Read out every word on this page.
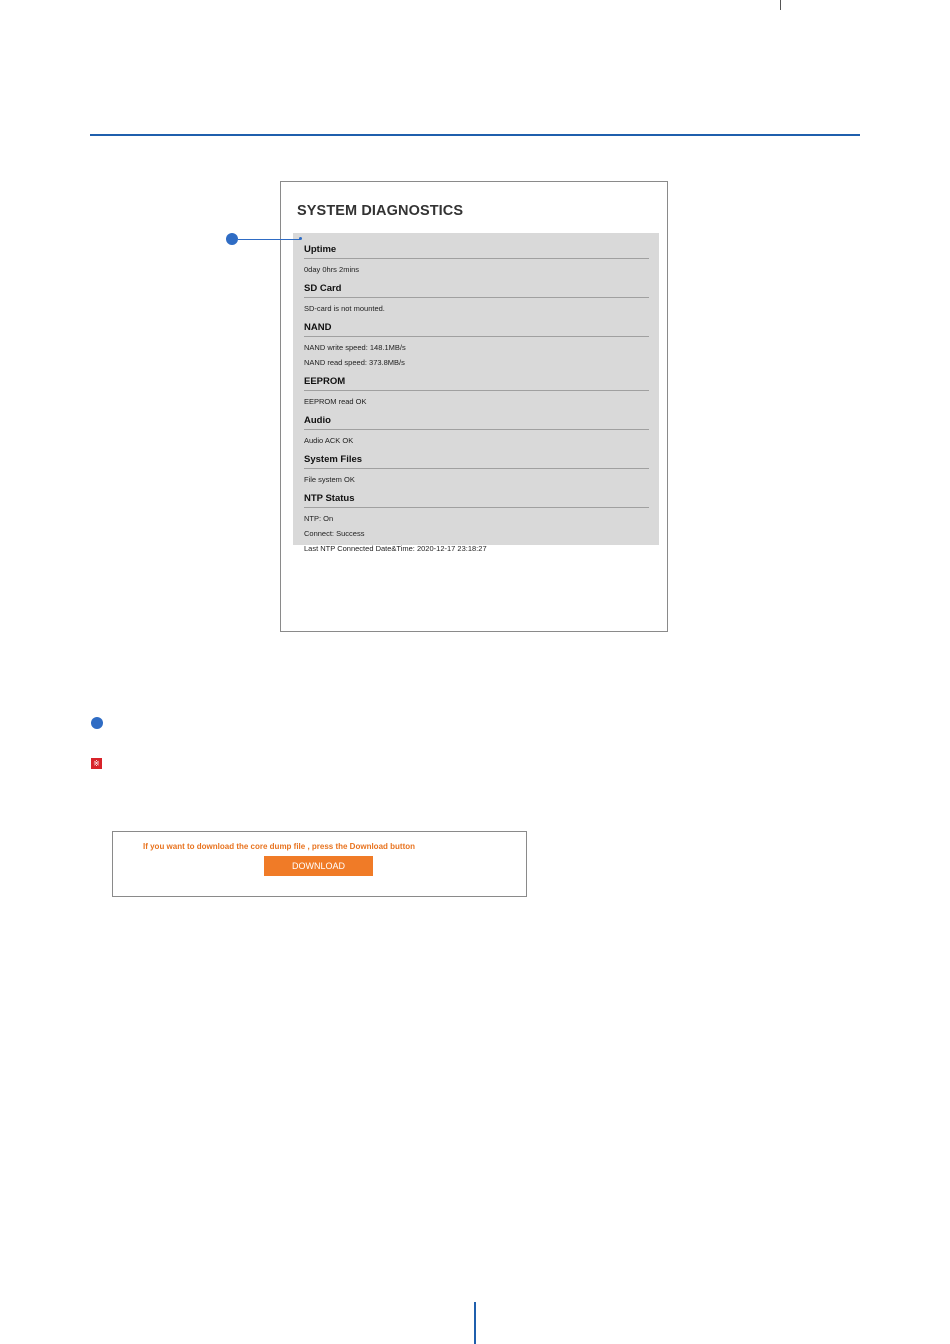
SYSTEM DIAGNOSTICS
Uptime
0day 0hrs 2mins
SD Card
SD-card is not mounted.
NAND
NAND write speed: 148.1MB/s
NAND read speed: 373.8MB/s
EEPROM
EEPROM read OK
Audio
Audio ACK OK
System Files
File system OK
NTP Status
NTP: On
Connect: Success
Last NTP Connected Date&Time: 2020-12-17 23:18:27
※
If you want to download the core dump file , press the Download button
DOWNLOAD
